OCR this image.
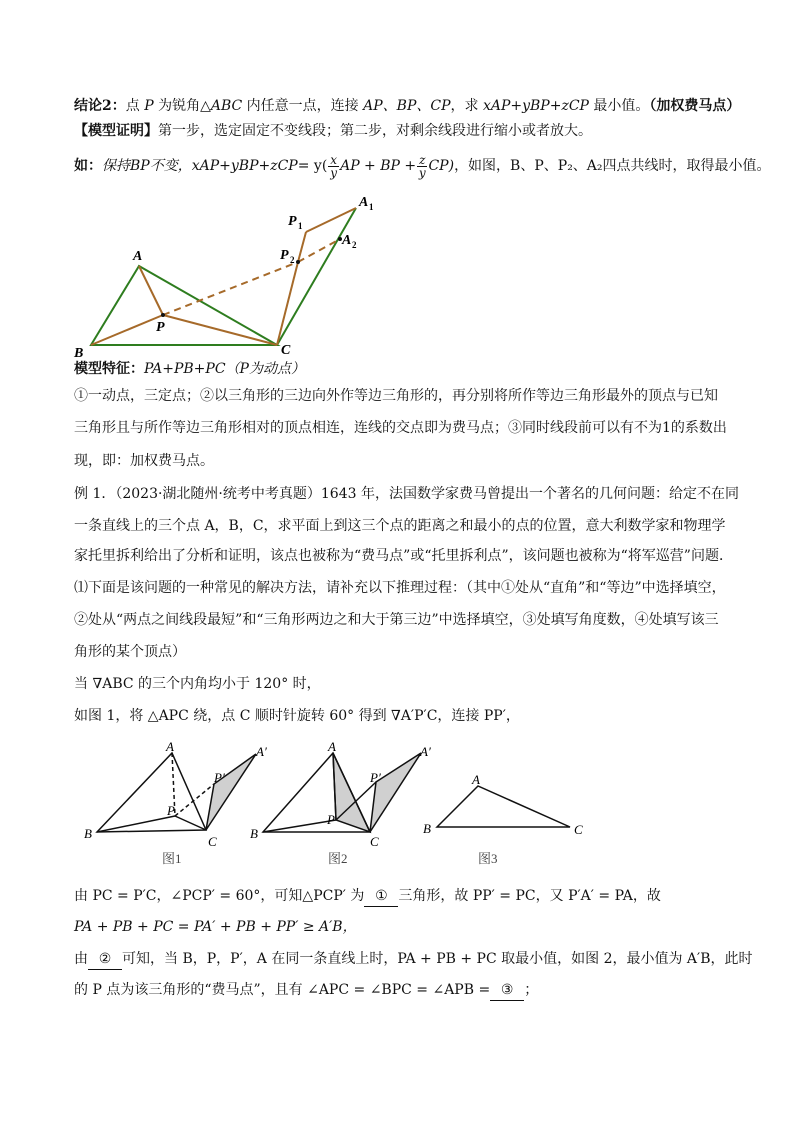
结论2：点 P 为锐角△ABC 内任意一点，连接 AP、BP、CP，求 xAP+yBP+zCP 最小值。（加权费马点）
【模型证明】第一步，选定固定不变线段；第二步，对剩余线段进行缩小或者放大。
如：保持BP不变，$xAP+yBP+zCP= y( \frac{x}{y}$ AP + BP + $\frac{z}{y} CP$)，如图，B、P、P₂、A₂四点共线时，取得最小值。
A
B	C
P
P 1
P 2
A 1
A 2
模型特征：PA+PB+PC（P为动点）
①一动点，三定点；②以三角形的三边向外作等边三角形的，再分别将所作等边三角形最外的顶点与已知
三角形且与所作等边三角形相对的顶点相连，连线的交点即为费马点；③同时线段前可以有不为1的系数出
现，即：加权费马点。
例 1．（2023·湖北随州·统考中考真题）1643 年，法国数学家费马曾提出一个著名的几何问题：给定不在同
一条直线上的三个点 A，B，C，求平面上到这三个点的距离之和最小的点的位置，意大利数学家和物理学
家托里拆利给出了分析和证明，该点也被称为“费马点”或“托里拆利点”，该问题也被称为“将军巡营”问题．
⑴下面是该问题的一种常见的解决方法，请补充以下推理过程：（其中①处从“直角”和“等边”中选择填空，
②处从“两点之间线段最短”和“三角形两边之和大于第三边”中选择填空，③处填写角度数，④处填写该三
角形的某个顶点）
当 ∇ABC 的三个内角均小于 120° 时，
如图 1，将 △APC 绕，点 C 顺时针旋转 60° 得到 ∇A′P′C，连接 PP′，
A	A′
P′
P
B
C
图1
A	A′
P′
P
B
C
图2
A
B	C
图3
由 PC = P′C，∠PCP′ = 60°，可知△PCP′ 为 ① 三角形，故 PP′ = PC，又 P′A′ = PA，故
PA + PB + PC = PA′ + PB + PP′ ≥ A′B，
由 ② 可知，当 B，P，P′，A 在同一条直线上时，PA + PB + PC 取最小值，如图 2，最小值为 A′B，此时
的 P 点为该三角形的“费马点”，且有 ∠APC = ∠BPC = ∠APB = ③ ；
